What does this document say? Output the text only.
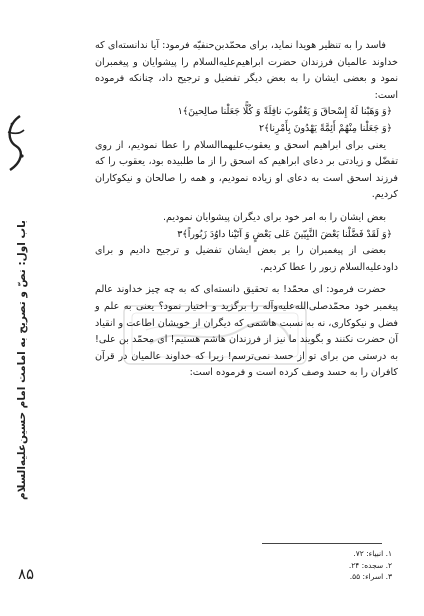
باب اول: نصّ و تصریح به امامت امام حسین‌علیه‌السلام

فاسد را به تنظیر هویدا نماید، برای محمّدبن‌حنفیّه فرمود: آیا ندانسته‌ای که خداوند عالمیان فرزندان حضرت ابراهیم‌علیه‌السلام را پیشوایان و پیغمبران نمود و بعضی ایشان را به بعض دیگر تفضیل و ترجیح داد، چنانکه فرموده است:

﴿وَ وَهَبْنا لَهُ إِسْحاقَ وَ یَعْقُوبَ نافِلَةً وَ کُلًّا جَعَلْنا صالِحینَ﴾۱
﴿وَ جَعَلْنا مِنْهُمْ أَئِمَّةً یَهْدُونَ بِأَمْرِنا﴾۲

یعنی برای ابراهیم اسحق و یعقوب‌علیهماالسلام را عطا نمودیم، از روی تفضّل و زیادتی بر دعای ابراهیم که اسحق را از ما طلبیده بود، یعقوب را که فرزند اسحق است به دعای او زیاده نمودیم، و همه را صالحان و نیکوکاران کردیم.

بعض ایشان را به امر خود برای دیگران پیشوایان نمودیم.

﴿وَ لَقَدْ فَضَّلْنا بَعْضَ النَّبِیّینَ عَلی بَعْضٍ وَ آتَیْنا داوُدَ زَبُوراً﴾۳

بعضی از پیغمبران را بر بعض ایشان تفضیل و ترجیح دادیم و برای داود‌علیه‌السلام زبور را عطا کردیم.

حضرت فرمود: ای محمّد! به تحقیق دانسته‌ای که به چه چیز خداوند عالم پیغمبر خود محمّد‌صلی‌الله‌علیه‌وآله را برگزید و اختیار نمود؟ یعنی به علم و فضل و نیکوکاری، نه به نسبت هاشمی که دیگران از خویشان اطاعت و انقیاد آن حضرت نکنند و بگویند ما نیز از فرزندان هاشم هستیم! ای محمّد بن علی! به درستی من برای تو از حسد نمی‌ترسم! زیرا که خداوند عالمیان در قرآن کافران را به حسد وصف کرده است و فرموده است:

۱. انبیاء: ۷۲.
۲. سجده: ۲۴.
۳. اسراء: ۵۵.
۸۵
